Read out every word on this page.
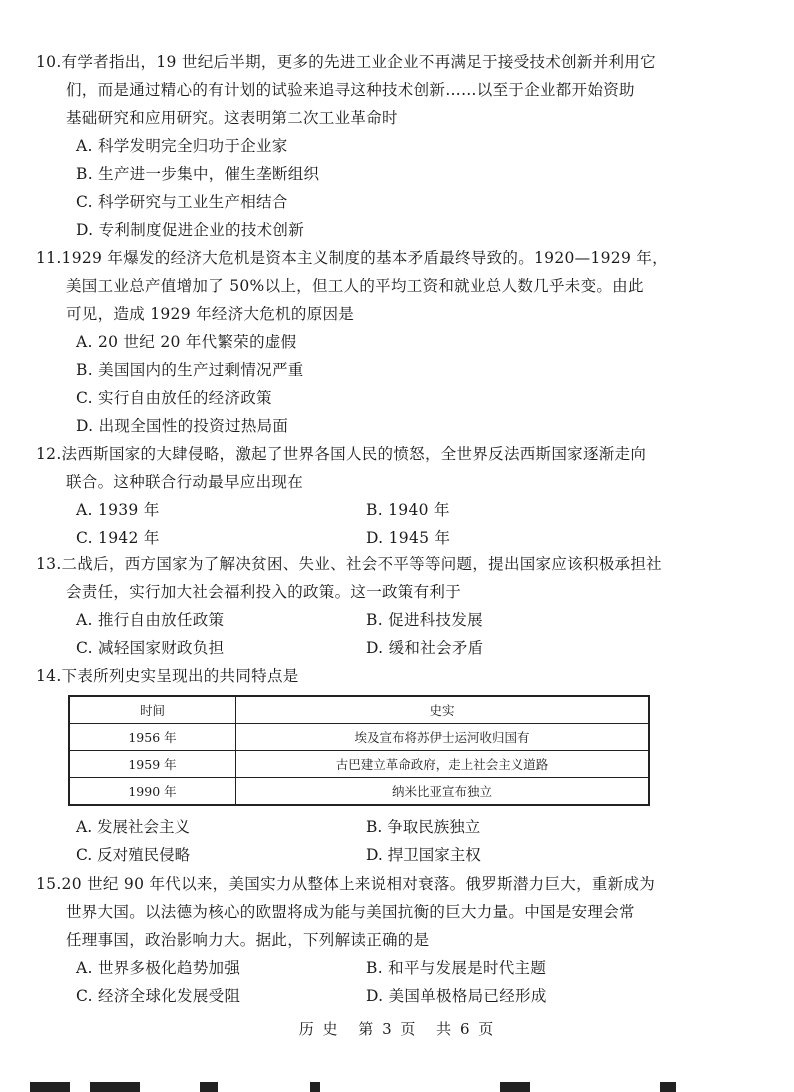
10.有学者指出，19 世纪后半期，更多的先进工业企业不再满足于接受技术创新并利用它
们，而是通过精心的有计划的试验来追寻这种技术创新……以至于企业都开始资助
基础研究和应用研究。这表明第二次工业革命时
A. 科学发明完全归功于企业家
B. 生产进一步集中，催生垄断组织
C. 科学研究与工业生产相结合
D. 专利制度促进企业的技术创新
11.1929 年爆发的经济大危机是资本主义制度的基本矛盾最终导致的。1920—1929 年，
美国工业总产值增加了 50%以上，但工人的平均工资和就业总人数几乎未变。由此
可见，造成 1929 年经济大危机的原因是
A. 20 世纪 20 年代繁荣的虚假
B. 美国国内的生产过剩情况严重
C. 实行自由放任的经济政策
D. 出现全国性的投资过热局面
12.法西斯国家的大肆侵略，激起了世界各国人民的愤怒，全世界反法西斯国家逐渐走向
联合。这种联合行动最早应出现在
A. 1939 年	B. 1940 年
C. 1942 年	D. 1945 年
13.二战后，西方国家为了解决贫困、失业、社会不平等等问题，提出国家应该积极承担社
会责任，实行加大社会福利投入的政策。这一政策有利于
A. 推行自由放任政策	B. 促进科技发展
C. 减轻国家财政负担	D. 缓和社会矛盾
14.下表所列史实呈现出的共同特点是
时间	史实
1956 年	埃及宣布将苏伊士运河收归国有
1959 年	古巴建立革命政府，走上社会主义道路
1990 年	纳米比亚宣布独立
A. 发展社会主义	B. 争取民族独立
C. 反对殖民侵略	D. 捍卫国家主权
15.20 世纪 90 年代以来，美国实力从整体上来说相对衰落。俄罗斯潜力巨大，重新成为
世界大国。以法德为核心的欧盟将成为能与美国抗衡的巨大力量。中国是安理会常
任理事国，政治影响力大。据此，下列解读正确的是
A. 世界多极化趋势加强	B. 和平与发展是时代主题
C. 经济全球化发展受阻	D. 美国单极格局已经形成
历 史 第 3 页 共 6 页
